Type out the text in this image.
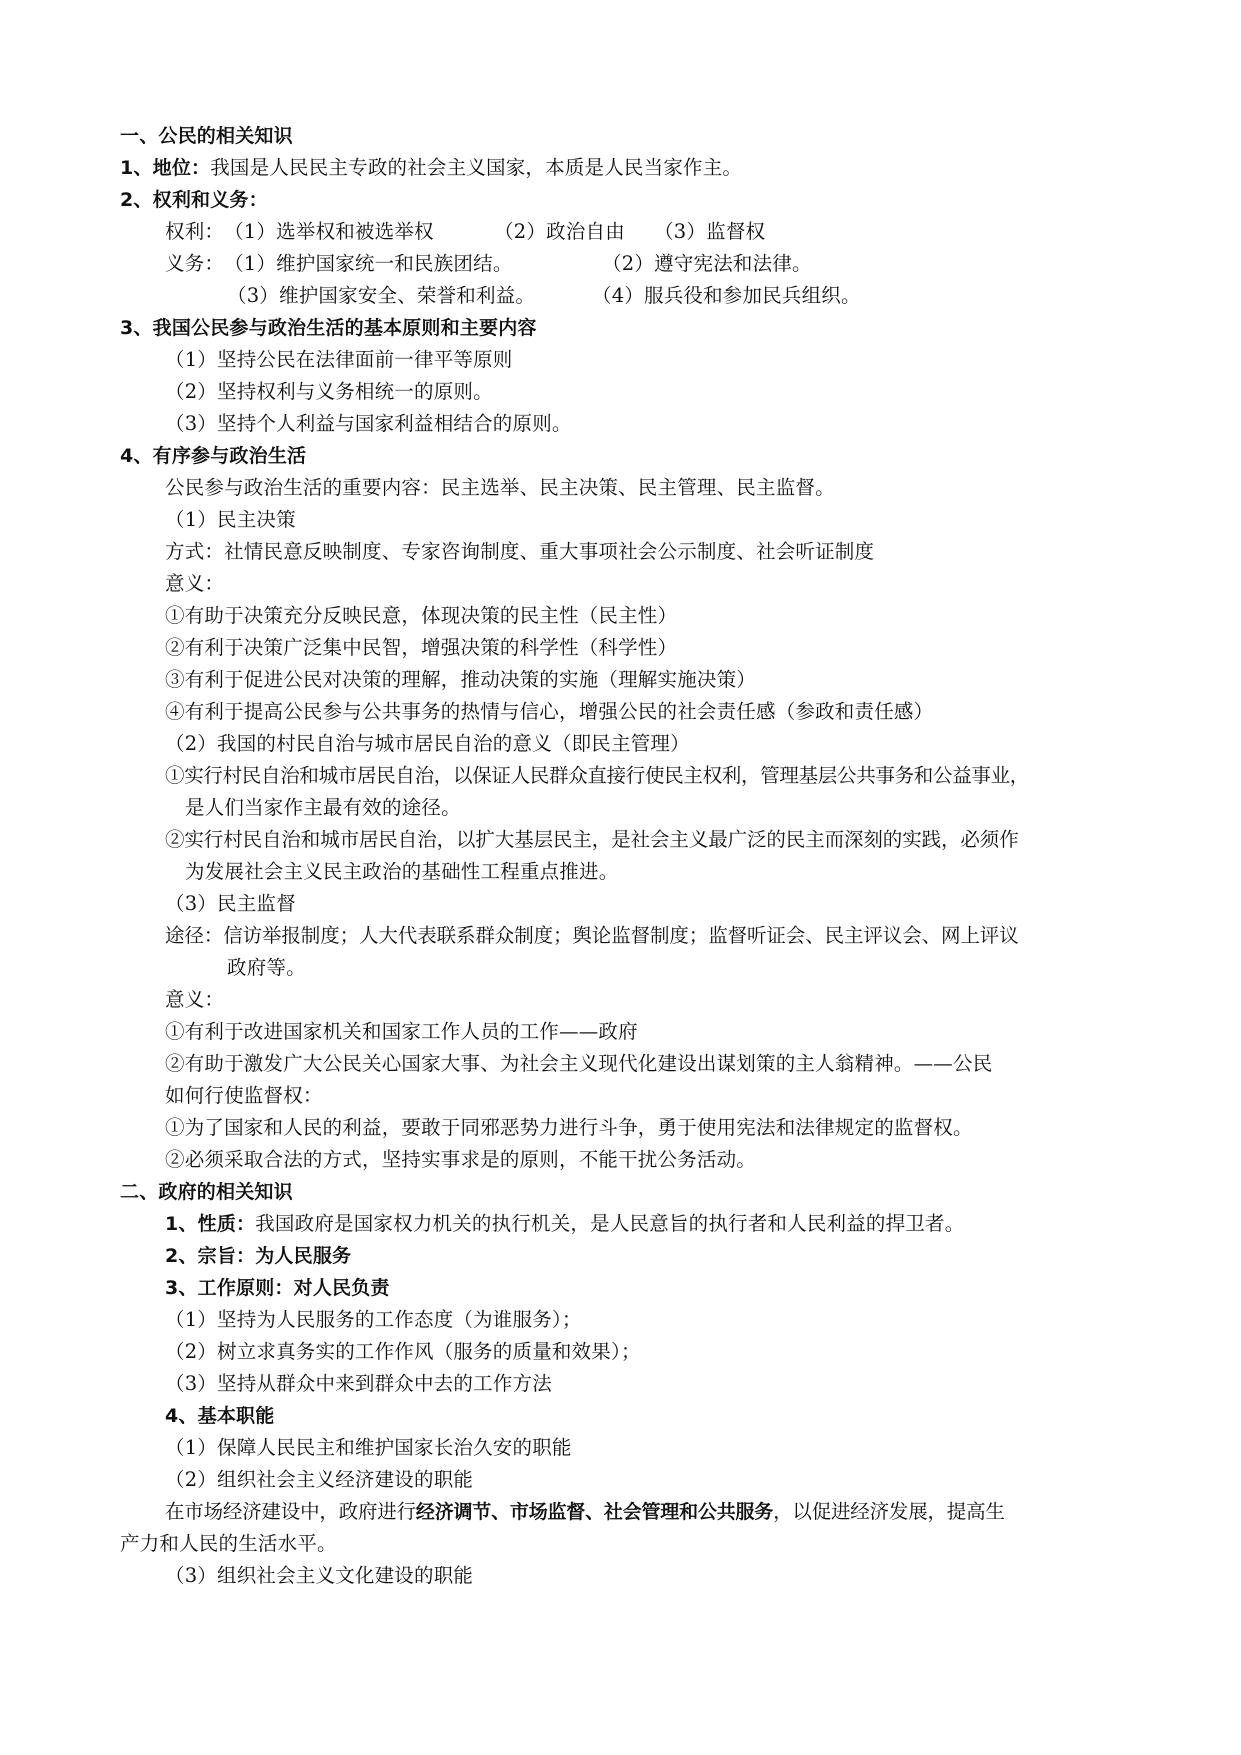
一、公民的相关知识
1、地位：我国是人民民主专政的社会主义国家，本质是人民当家作主。
2、权利和义务：
权利：（1）选举权和被选举权	（2）政治自由 （3）监督权
义务：（1）维护国家统一和民族团结。	（2）遵守宪法和法律。
（3）维护国家安全、荣誉和利益。	（4）服兵役和参加民兵组织。
3、我国公民参与政治生活的基本原则和主要内容
（1）坚持公民在法律面前一律平等原则
（2）坚持权利与义务相统一的原则。
（3）坚持个人利益与国家利益相结合的原则。
4、有序参与政治生活
公民参与政治生活的重要内容：民主选举、民主决策、民主管理、民主监督。
（1）民主决策
方式：社情民意反映制度、专家咨询制度、重大事项社会公示制度、社会听证制度
意义：
①有助于决策充分反映民意，体现决策的民主性（民主性）
②有利于决策广泛集中民智，增强决策的科学性（科学性）
③有利于促进公民对决策的理解，推动决策的实施（理解实施决策）
④有利于提高公民参与公共事务的热情与信心，增强公民的社会责任感（参政和责任感）
（2）我国的村民自治与城市居民自治的意义（即民主管理）
①实行村民自治和城市居民自治，以保证人民群众直接行使民主权利，管理基层公共事务和公益事业，
是人们当家作主最有效的途径。
②实行村民自治和城市居民自治，以扩大基层民主，是社会主义最广泛的民主而深刻的实践，必须作
为发展社会主义民主政治的基础性工程重点推进。
（3）民主监督
途径：信访举报制度；人大代表联系群众制度；舆论监督制度；监督听证会、民主评议会、网上评议
政府等。
意义：
①有利于改进国家机关和国家工作人员的工作——政府
②有助于激发广大公民关心国家大事、为社会主义现代化建设出谋划策的主人翁精神。——公民
如何行使监督权：
①为了国家和人民的利益，要敢于同邪恶势力进行斗争，勇于使用宪法和法律规定的监督权。
②必须采取合法的方式，坚持实事求是的原则，不能干扰公务活动。
二、政府的相关知识
1、性质：我国政府是国家权力机关的执行机关，是人民意旨的执行者和人民利益的捍卫者。
2、宗旨：为人民服务
3、工作原则：对人民负责
（1）坚持为人民服务的工作态度（为谁服务）；
（2）树立求真务实的工作作风（服务的质量和效果）；
（3）坚持从群众中来到群众中去的工作方法
4、基本职能
（1）保障人民民主和维护国家长治久安的职能
（2）组织社会主义经济建设的职能
在市场经济建设中，政府进行经济调节、市场监督、社会管理和公共服务，以促进经济发展，提高生
产力和人民的生活水平。
（3）组织社会主义文化建设的职能
